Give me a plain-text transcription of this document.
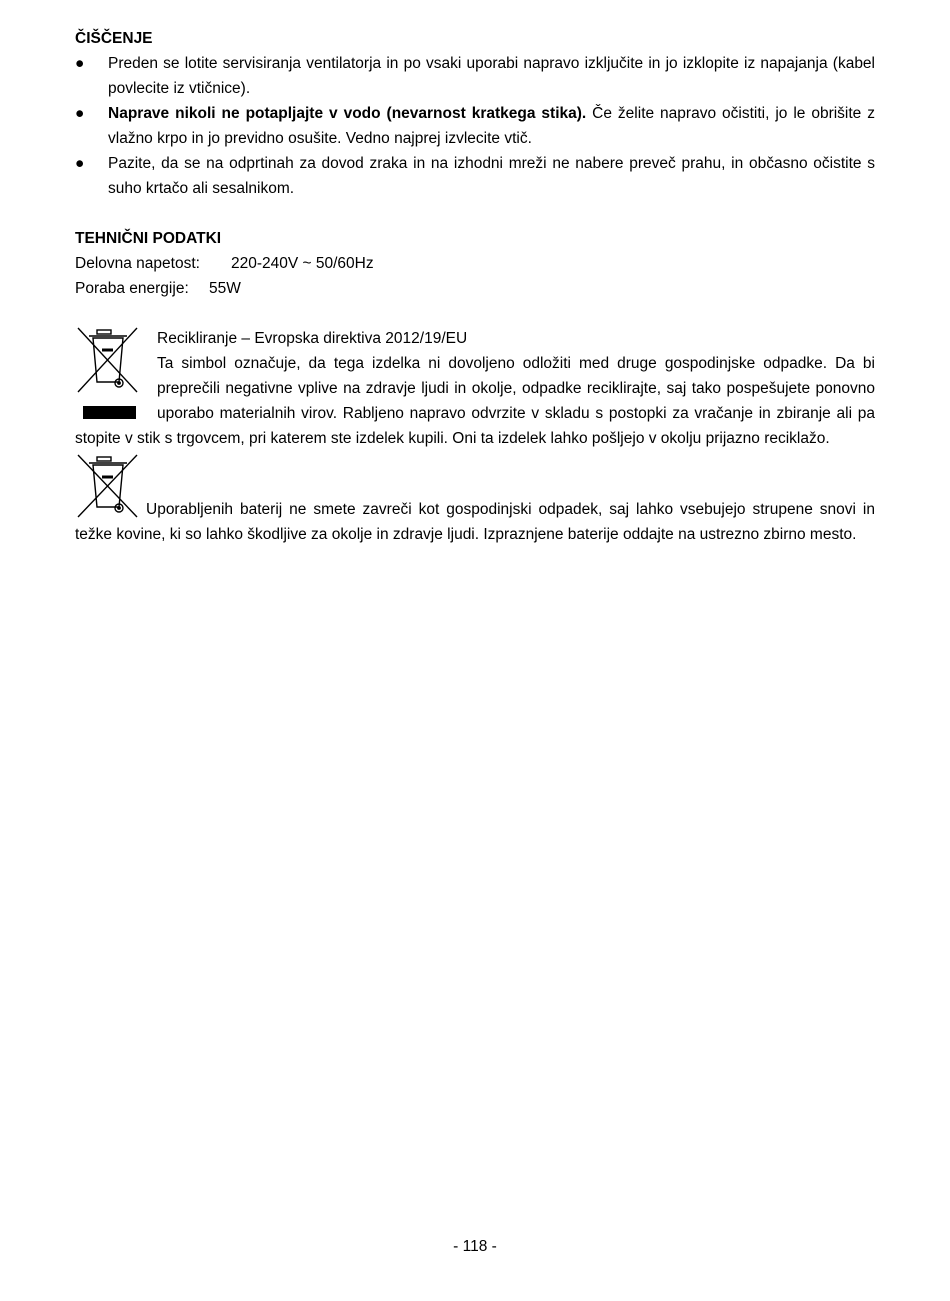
ČIŠČENJE
● Preden se lotite servisiranja ventilatorja in po vsaki uporabi napravo izključite in jo izklopite iz napajanja (kabel povlecite iz vtičnice).
● Naprave nikoli ne potapljajte v vodo (nevarnost kratkega stika). Če želite napravo očistiti, jo le obrišite z vlažno krpo in jo previdno osušite. Vedno najprej izvlecite vtič.
● Pazite, da se na odprtinah za dovod zraka in na izhodni mreži ne nabere preveč prahu, in občasno očistite s suho krtačo ali sesalnikom.
TEHNIČNI PODATKI
Delovna napetost: 220-240V ~ 50/60Hz
Poraba energije: 55W
Recikliranje – Evropska direktiva 2012/19/EU
Ta simbol označuje, da tega izdelka ni dovoljeno odložiti med druge gospodinjske odpadke. Da bi preprečili negativne vplive na zdravje ljudi in okolje, odpadke reciklirajte, saj tako pospešujete ponovno uporabo materialnih virov. Rabljeno napravo odvrzite v skladu s postopki za vračanje in zbiranje ali pa stopite v stik s trgovcem, pri katerem ste izdelek kupili. Oni ta izdelek lahko pošljejo v okolju prijazno reciklažo.
Uporabljenih baterij ne smete zavreči kot gospodinjski odpadek, saj lahko vsebujejo strupene snovi in težke kovine, ki so lahko škodljive za okolje in zdravje ljudi. Izpraznjene baterije oddajte na ustrezno zbirno mesto.
- 118 -
